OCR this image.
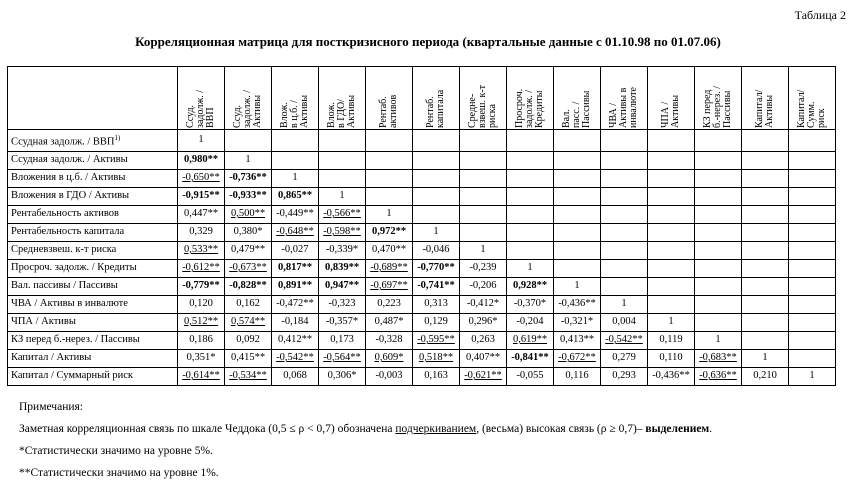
Таблица 2
Корреляционная матрица для посткризисного периода (квартальные данные с 01.10.98 по 01.07.06)

	Ссуд.
задолж. /
ВВП	Ссуд.
задолж. /
Активы	Влож.
в ц.б. /
Активы	Влож.
в ГДО/
Активы	Рентаб.
активов	Рентаб.
капитала	Средне-
взвеш. к-т
риска	Просроч.
задолж. /
Кредиты	Вал.
пасс. /
Пассивы	ЧВА /
Активы в
инвалюте	ЧПА /
Активы	КЗ перед
б.-нерез. /
Пассивы	Капитал/
Активы	Капитал/
Сумм.
риск

Ссудная задолж. / ВВП$^{1)}$	1													
Ссудная задолж. / Активы	0,980**	1												
Вложения в ц.б. / Активы	-0,650**	-0,736**	1											
Вложения в ГДО / Активы	-0,915**	-0,933**	0,865**	1										
Рентабельность активов	0,447**	0,500**	-0,449**	-0,566**	1									
Рентабельность капитала	0,329	0,380*	-0,648**	-0,598**	0,972**	1								
Средневзвеш. к-т риска	0,533**	0,479**	-0,027	-0,339*	0,470**	-0,046	1							
Просроч. задолж. / Кредиты	-0,612**	-0,673**	0,817**	0,839**	-0,689**	-0,770**	-0,239	1						
Вал. пассивы / Пассивы	-0,779**	-0,828**	0,891**	0,947**	-0,697**	-0,741**	-0,206	0,928**	1					
ЧВА / Активы в инвалюте	0,120	0,162	-0,472**	-0,323	0,223	0,313	-0,412*	-0,370*	-0,436**	1				
ЧПА / Активы	0,512**	0,574**	-0,184	-0,357*	0,487*	0,129	0,296*	-0,204	-0,321*	0,004	1			
КЗ перед б.-нерез. / Пассивы	0,186	0,092	0,412**	0,173	-0,328	-0,595**	0,263	0,619**	0,413**	-0,542**	0,119	1		
Капитал / Активы	0,351*	0,415**	-0,542**	-0,564**	0,609*	0,518**	0,407**	-0,841**	-0,672**	0,279	0,110	-0,683**	1	
Капитал / Суммарный риск	-0,614**	-0,534**	0,068	0,306*	-0,003	0,163	-0,621**	-0,055	0,116	0,293	-0,436**	-0,636**	0,210	1
Примечания:
Заметная корреляционная связь по шкале Чеддока (0,5 ≤ ρ < 0,7) обозначена подчеркиванием, (весьма) высокая связь (ρ ≥ 0,7)– выделением.
*Статистически значимо на уровне 5%.
**Статистически значимо на уровне 1%.
